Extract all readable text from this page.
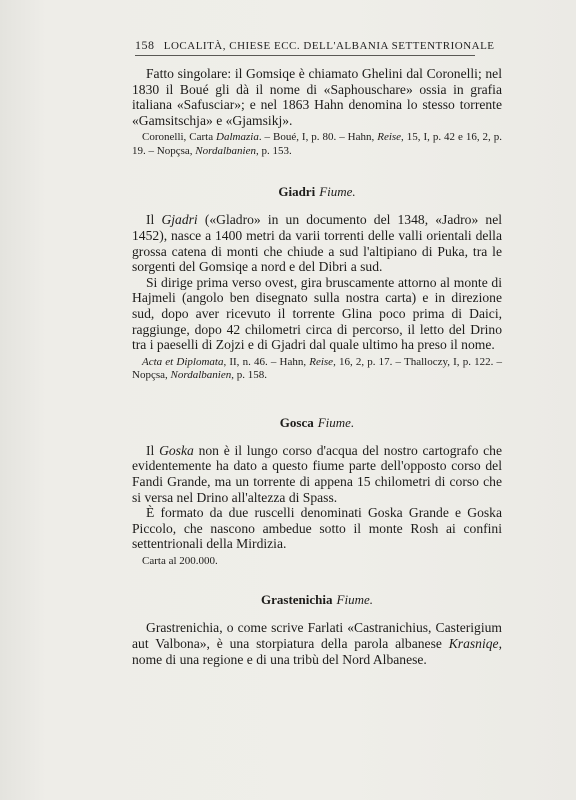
158 LOCALITÀ, CHIESE ECC. DELL'ALBANIA SETTENTRIONALE

Fatto singolare: il Gomsiqe è chiamato Ghelini dal Coronelli; nel 1830 il Boué gli dà il nome di «Saphouschare» ossia in grafia italiana «Safusciar»; e nel 1863 Hahn denomina lo stesso torrente «Gamsitschja» e «Gjamsikj».

Coronelli, Carta Dalmazia. – Boué, I, p. 80. – Hahn, Reise, 15, I, p. 42 e 16, 2, p. 19. – Nopçsa, Nordalbanien, p. 153.

Giadri Fiume.

Il Gjadri («Gladro» in un documento del 1348, «Jadro» nel 1452), nasce a 1400 metri da varii torrenti delle valli orientali della grossa catena di monti che chiude a sud l'altipiano di Puka, tra le sorgenti del Gomsiqe a nord e del Dibri a sud.

Si dirige prima verso ovest, gira bruscamente attorno al monte di Hajmeli (angolo ben disegnato sulla nostra carta) e in direzione sud, dopo aver ricevuto il torrente Glina poco prima di Daici, raggiunge, dopo 42 chilometri circa di percorso, il letto del Drino tra i paeselli di Zojzi e di Gjadri dal quale ultimo ha preso il nome.

Acta et Diplomata, II, n. 46. – Hahn, Reise, 16, 2, p. 17. – Thalloczy, I, p. 122. – Nopçsa, Nordalbanien, p. 158.

Gosca Fiume.

Il Goska non è il lungo corso d'acqua del nostro cartografo che evidentemente ha dato a questo fiume parte dell'opposto corso del Fandi Grande, ma un torrente di appena 15 chilometri di corso che si versa nel Drino all'altezza di Spass.

È formato da due ruscelli denominati Goska Grande e Goska Piccolo, che nascono ambedue sotto il monte Rosh ai confini settentrionali della Mirdizia.

Carta al 200.000.

Grastenichia Fiume.

Grastrenichia, o come scrive Farlati «Castranichius, Casterigium aut Valbona», è una storpiatura della parola albanese Krasniqe, nome di una regione e di una tribù del Nord Albanese.
